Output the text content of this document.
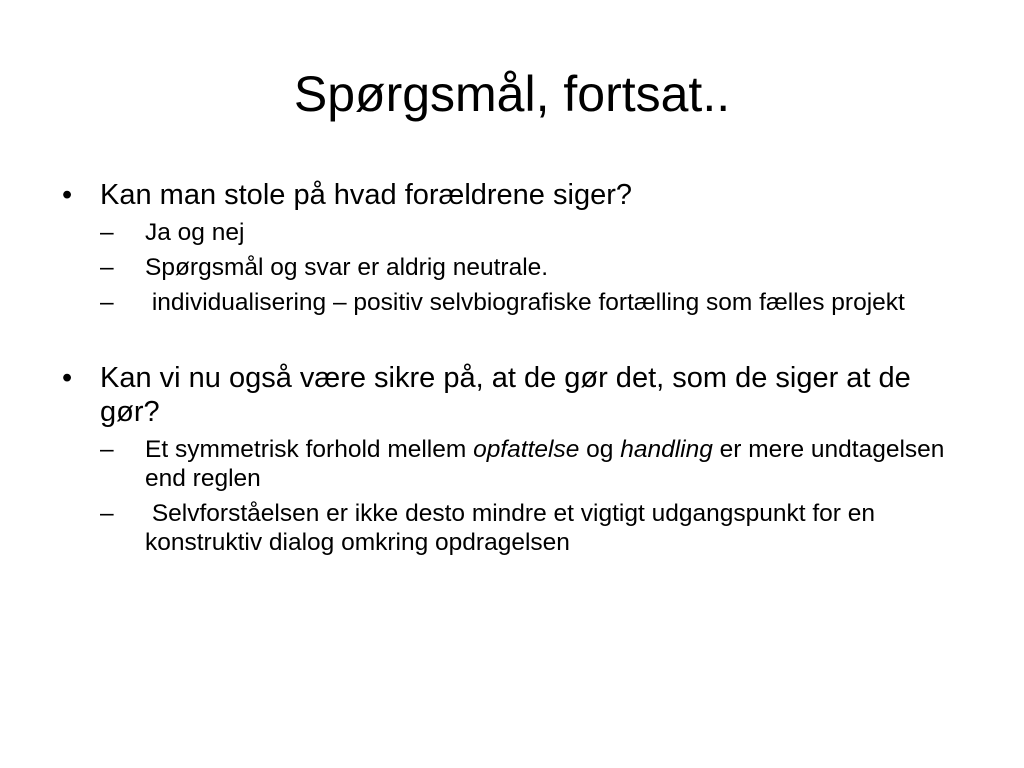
Spørgsmål, fortsat..
• Kan man stole på hvad forældrene siger?
–	Ja og nej
–	Spørgsmål og svar er aldrig neutrale.
–	individualisering – positiv selvbiografiske fortælling som fælles projekt
• Kan vi nu også være sikre på, at de gør det, som de siger at de gør?
–	Et symmetrisk forhold mellem opfattelse og handling er mere undtagelsen end reglen
–	Selvforståelsen er ikke desto mindre et vigtigt udgangspunkt for en konstruktiv dialog omkring opdragelsen
